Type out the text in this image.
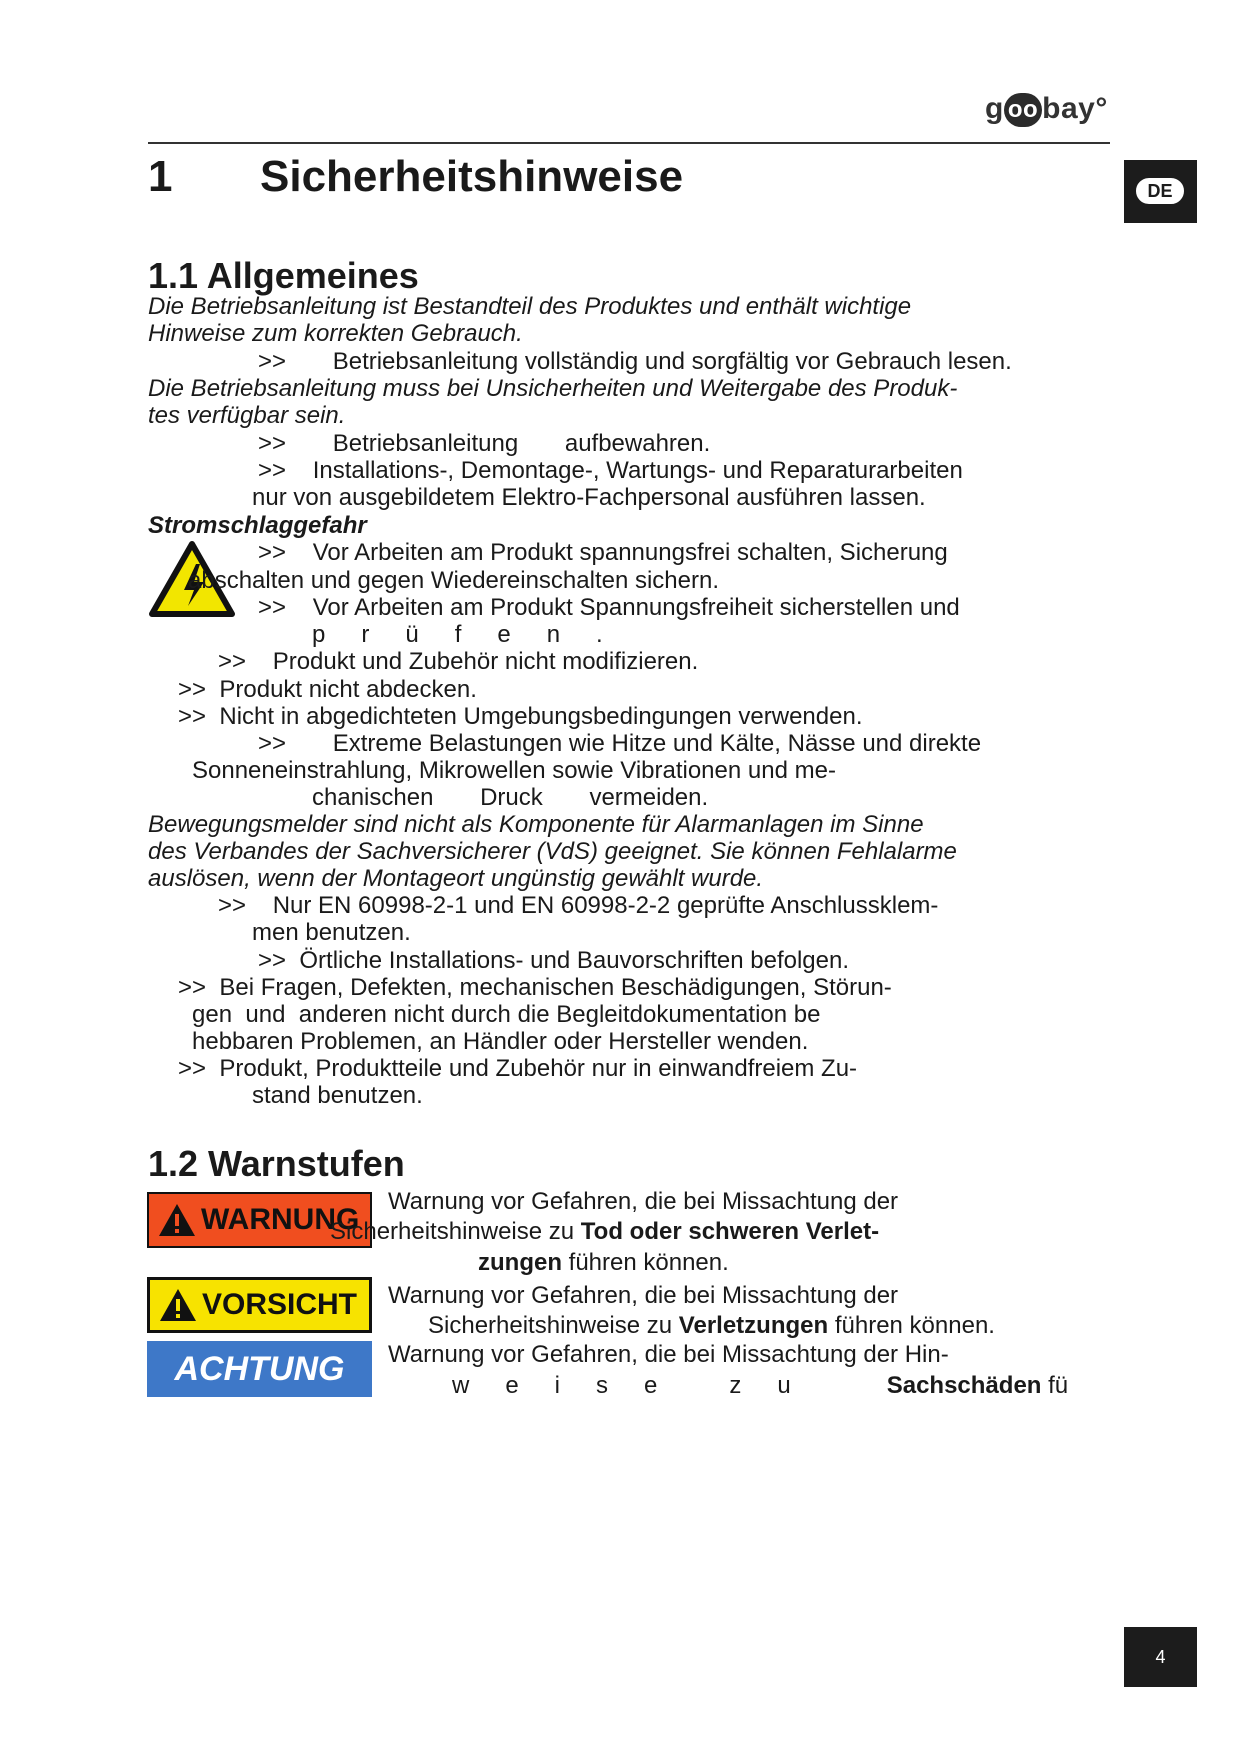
g oo bay°
1 Sicherheitshinweise	DE
1.1 Allgemeines
Die Betriebsanleitung ist Bestandteil des Produktes und enthält wichtige
Hinweise zum korrekten Gebrauch.
>>       Betriebsanleitung vollständig und sorgfältig vor Gebrauch lesen.
Die Betriebsanleitung muss bei Unsicherheiten und Weitergabe des Produk-
tes verfügbar sein.
>>       Betriebsanleitung       aufbewahren.
>>    Installations-, Demontage-, Wartungs- und Reparaturarbeiten
nur von ausgebildetem Elektro-Fachpersonal ausführen lassen.
Stromschlaggefahr
>>    Vor Arbeiten am Produkt spannungsfrei schalten, Sicherung
abschalten und gegen Wiedereinschalten sichern.
>>    Vor Arbeiten am Produkt Spannungsfreiheit sicherstellen und
prüfen.
>>    Produkt und Zubehör nicht modifizieren.
>>  Produkt nicht abdecken.
>>  Nicht in abgedichteten Umgebungsbedingungen verwenden.
>>       Extreme Belastungen wie Hitze und Kälte, Nässe und direkte
Sonneneinstrahlung, Mikrowellen sowie Vibrationen und me-
chanischen       Druck       vermeiden.
Bewegungsmelder sind nicht als Komponente für Alarmanlagen im Sinne
des Verbandes der Sachversicherer (VdS) geeignet. Sie können Fehlalarme
auslösen, wenn der Montageort ungünstig gewählt wurde.
>>    Nur EN 60998-2-1 und EN 60998-2-2 geprüfte Anschlussklem-
men benutzen.
>>  Örtliche Installations- und Bauvorschriften befolgen.
>>  Bei Fragen, Defekten, mechanischen Beschädigungen, Störun-
gen  und  anderen nicht durch die Begleitdokumentation be
hebbaren Problemen, an Händler oder Hersteller wenden.
>>  Produkt, Produktteile und Zubehör nur in einwandfreiem Zu-
stand benutzen.
1.2 Warnstufen
WARNUNG
Warnung vor Gefahren, die bei Missachtung der
Sicherheitshinweise zu Tod oder schweren Verlet-
zungen führen können.
VORSICHT Warnung vor Gefahren, die bei Missachtung der
Sicherheitshinweise zu Verletzungen führen können.
ACHTUNG	Warnung vor Gefahren, die bei Missachtung der Hin-
weise zu	Sachschäden fü
4
